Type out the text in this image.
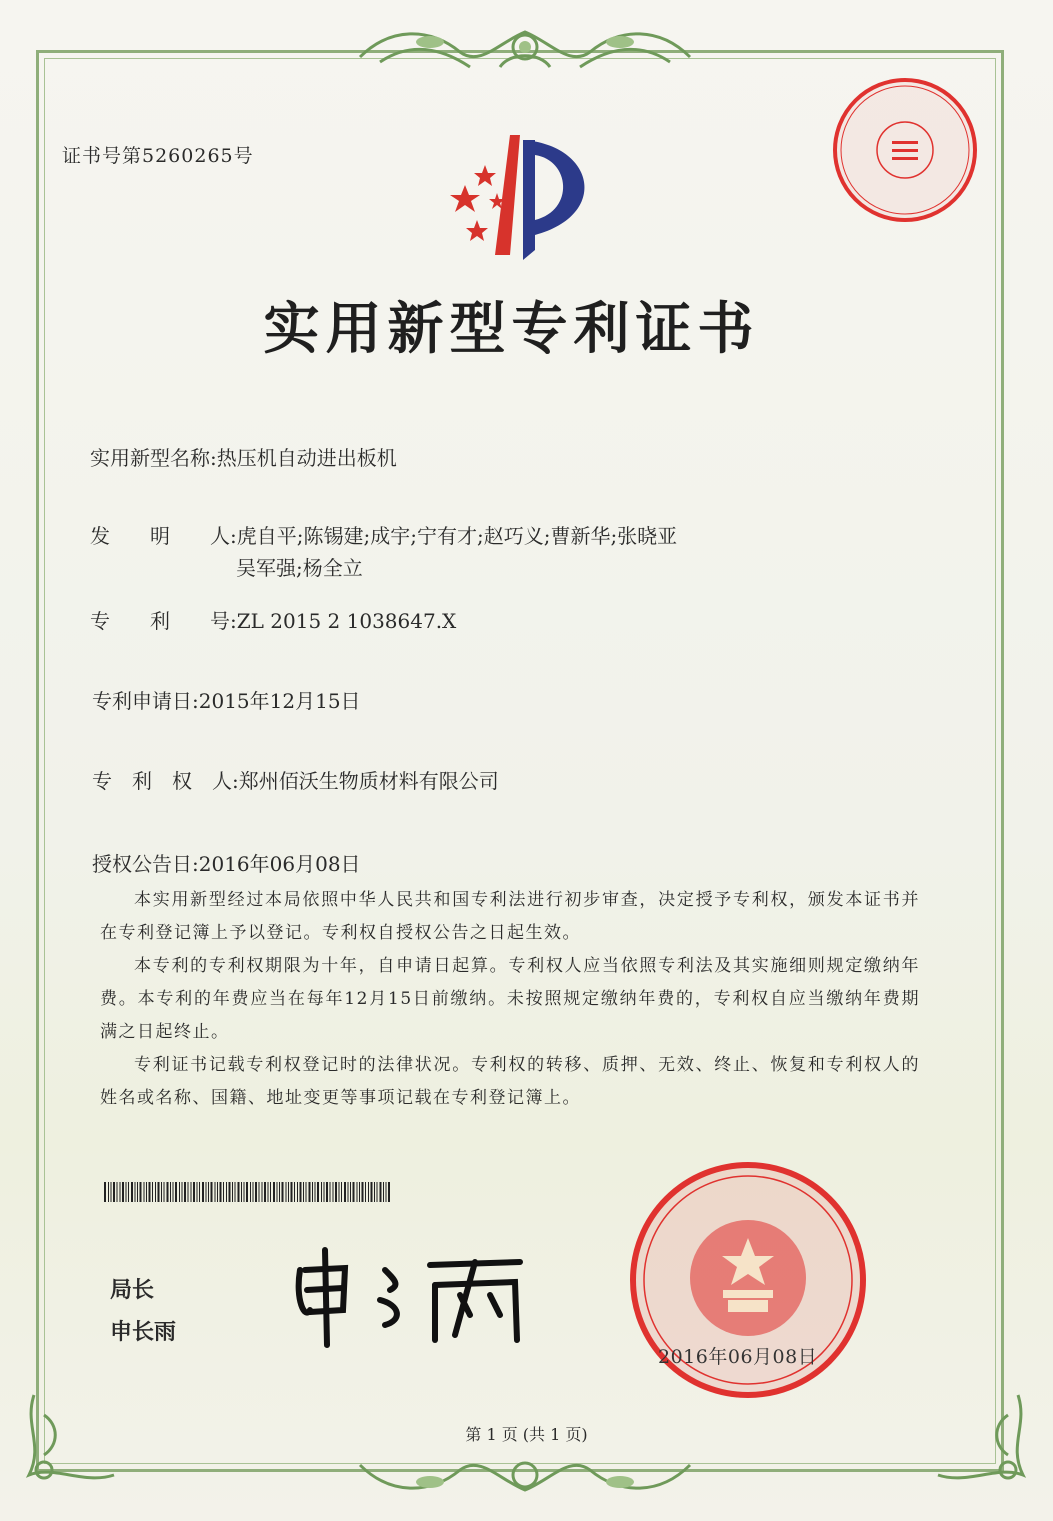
证书号第5260265号
实用新型专利证书
实用新型名称:热压机自动进出板机
发　　明　　人:虎自平;陈锡建;成宇;宁有才;赵巧义;曹新华;张晓亚
吴军强;杨全立
专　　利　　号:ZL 2015 2 1038647.X
专利申请日:2015年12月15日
专　利　权　人:郑州佰沃生物质材料有限公司
授权公告日:2016年06月08日

本实用新型经过本局依照中华人民共和国专利法进行初步审查，决定授予专利权，颁发本证书并在专利登记簿上予以登记。专利权自授权公告之日起生效。

本专利的专利权期限为十年，自申请日起算。专利权人应当依照专利法及其实施细则规定缴纳年费。本专利的年费应当在每年12月15日前缴纳。未按照规定缴纳年费的，专利权自应当缴纳年费期满之日起终止。

专利证书记载专利权登记时的法律状况。专利权的转移、质押、无效、终止、恢复和专利权人的姓名或名称、国籍、地址变更等事项记载在专利登记簿上。

局长
申长雨
2016年06月08日
第 1 页 (共 1 页)
